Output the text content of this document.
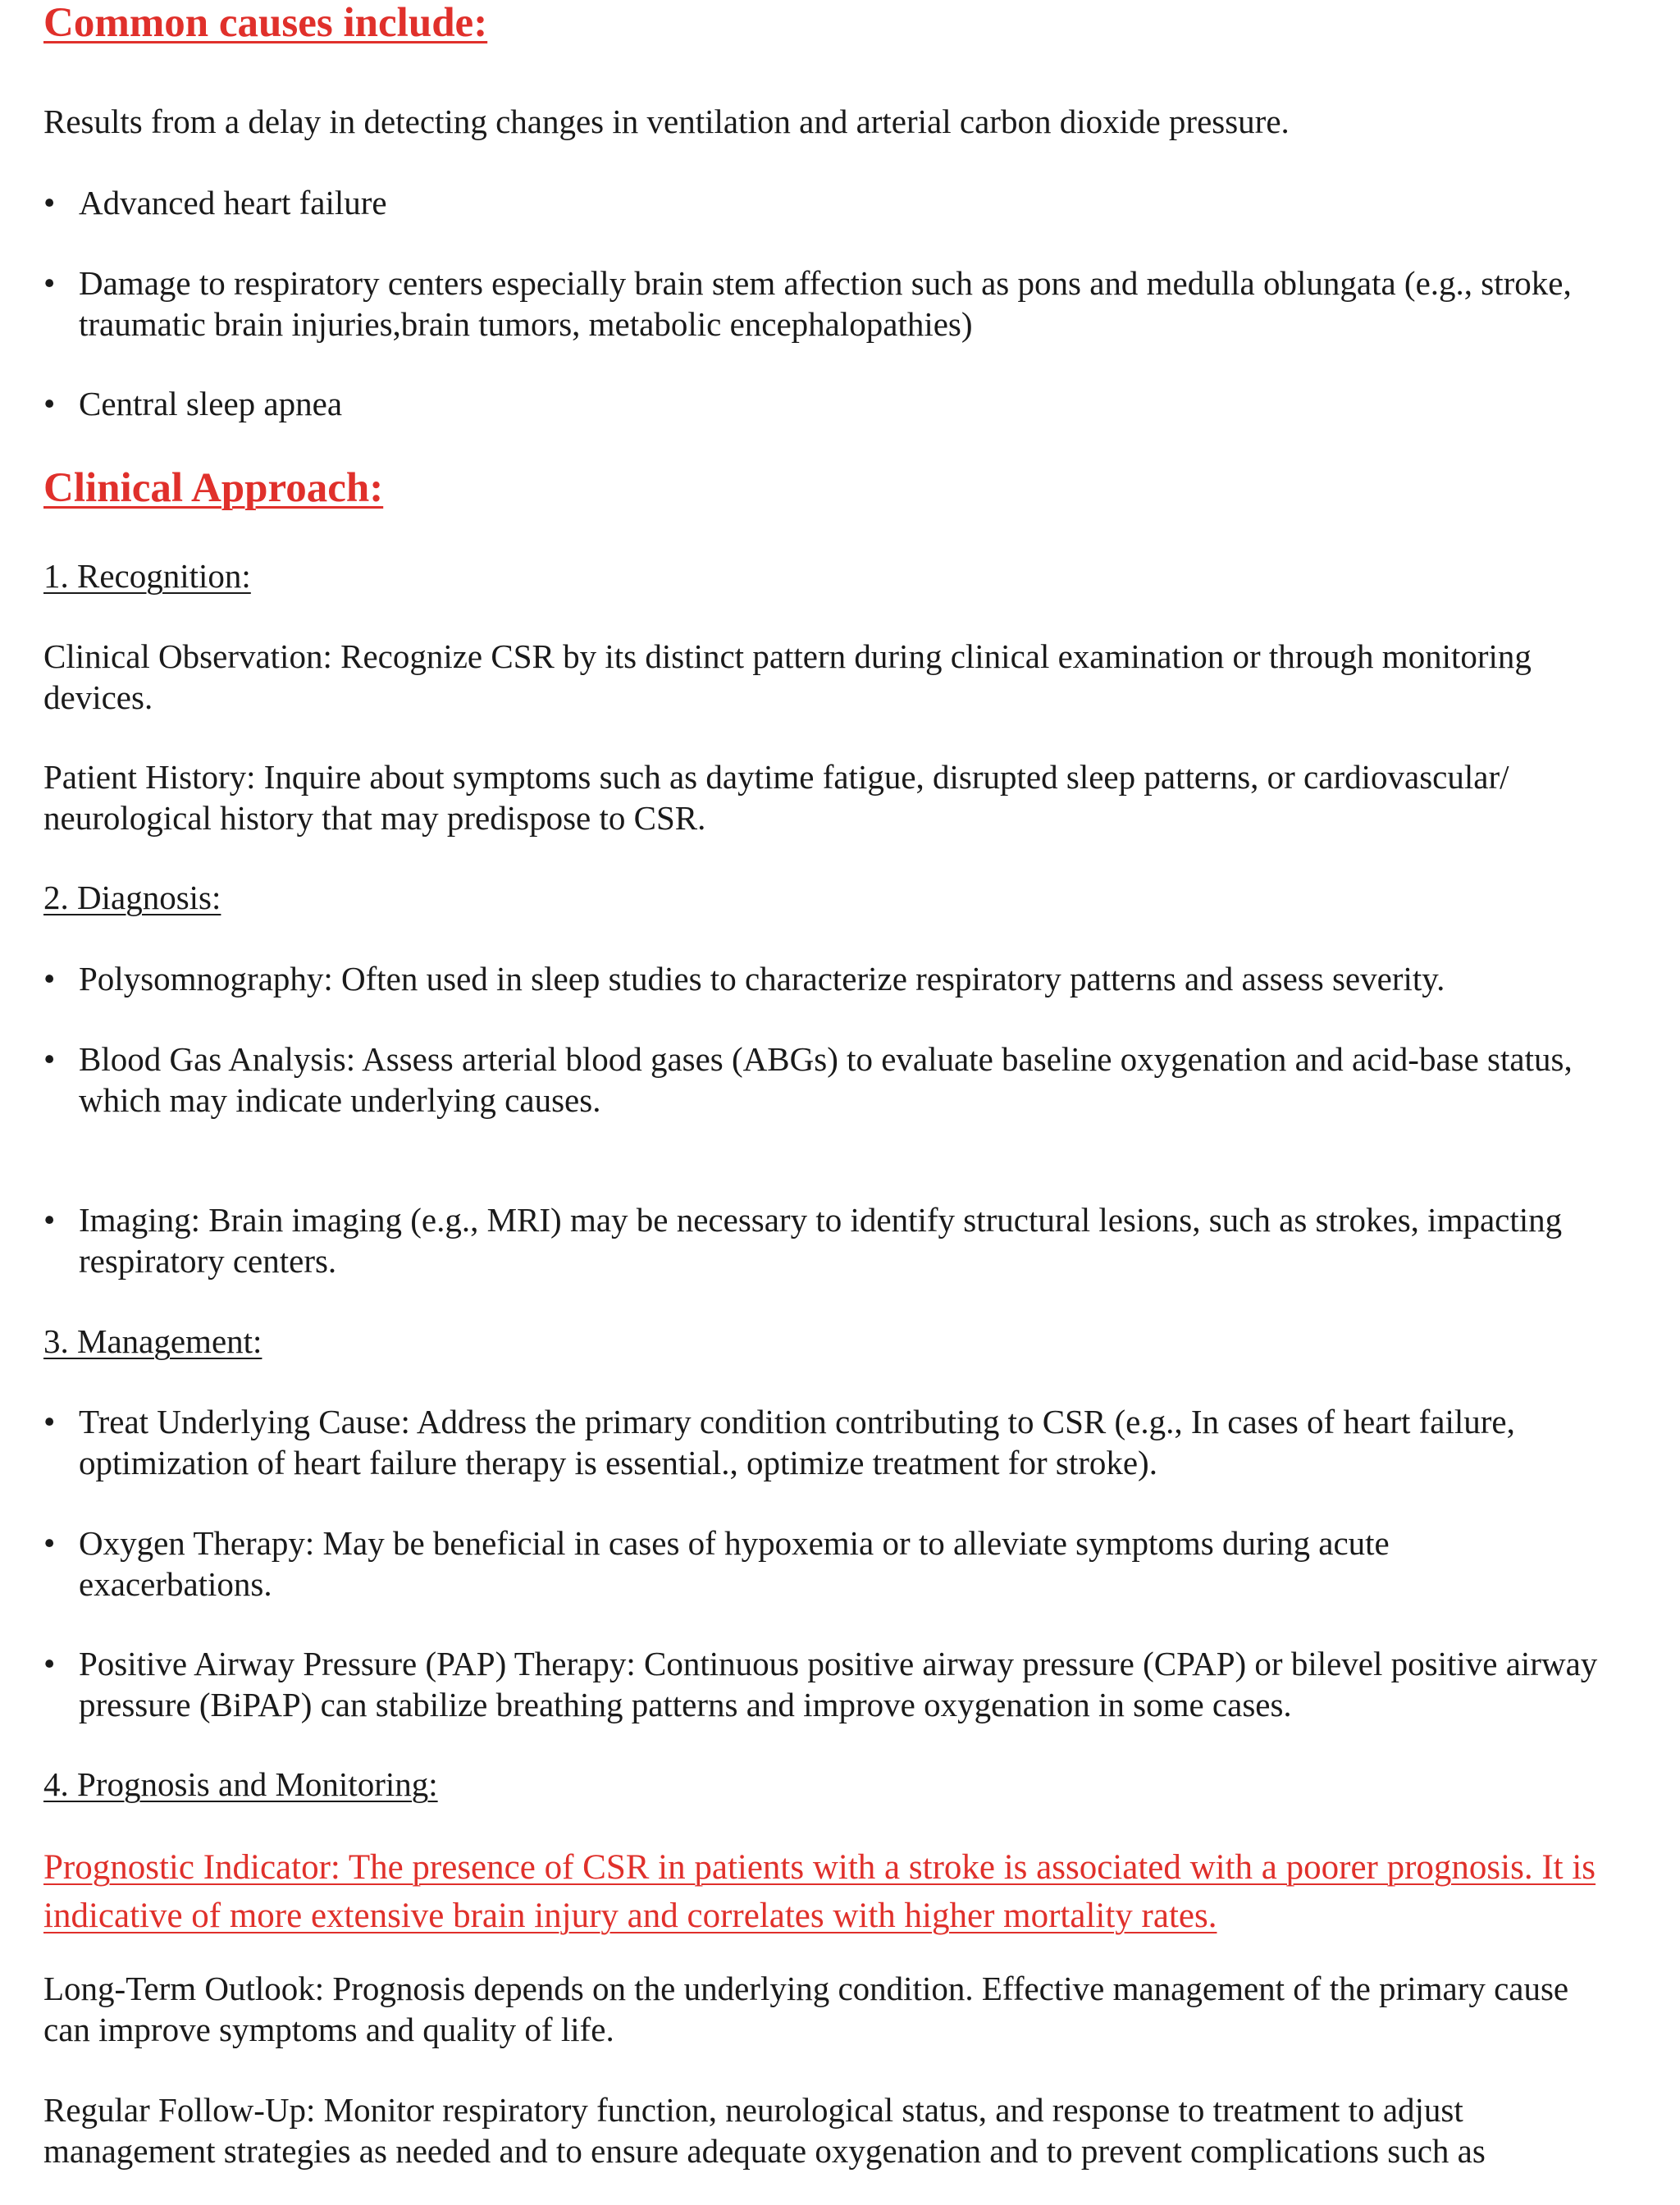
Common causes include:

Results from a delay in detecting changes in ventilation and arterial carbon dioxide pressure.

• Advanced heart failure
• Damage to respiratory centers especially brain stem affection such as pons and medulla oblungata (e.g., stroke, traumatic brain injuries,brain tumors, metabolic encephalopathies)
• Central sleep apnea
Clinical Approach:
1. Recognition:

Clinical Observation: Recognize CSR by its distinct pattern during clinical examination or through monitoring devices.

Patient History: Inquire about symptoms such as daytime fatigue, disrupted sleep patterns, or cardiovascular/ neurological history that may predispose to CSR.

2. Diagnosis:
• Polysomnography: Often used in sleep studies to characterize respiratory patterns and assess severity.
• Blood Gas Analysis: Assess arterial blood gases (ABGs) to evaluate baseline oxygenation and acid-base status, which may indicate underlying causes.
• Imaging: Brain imaging (e.g., MRI) may be necessary to identify structural lesions, such as strokes, impacting respiratory centers.
3. Management:
• Treat Underlying Cause: Address the primary condition contributing to CSR (e.g., In cases of heart failure, optimization of heart failure therapy is essential., optimize treatment for stroke).
• Oxygen Therapy: May be beneficial in cases of hypoxemia or to alleviate symptoms during acute exacerbations.
• Positive Airway Pressure (PAP) Therapy: Continuous positive airway pressure (CPAP) or bilevel positive airway pressure (BiPAP) can stabilize breathing patterns and improve oxygenation in some cases.
4. Prognosis and Monitoring:

Prognostic Indicator: The presence of CSR in patients with a stroke is associated with a poorer prognosis. It is indicative of more extensive brain injury and correlates with higher mortality rates.

Long-Term Outlook: Prognosis depends on the underlying condition. Effective management of the primary cause can improve symptoms and quality of life.

Regular Follow-Up: Monitor respiratory function, neurological status, and response to treatment to adjust management strategies as needed and to ensure adequate oxygenation and to prevent complications such as
